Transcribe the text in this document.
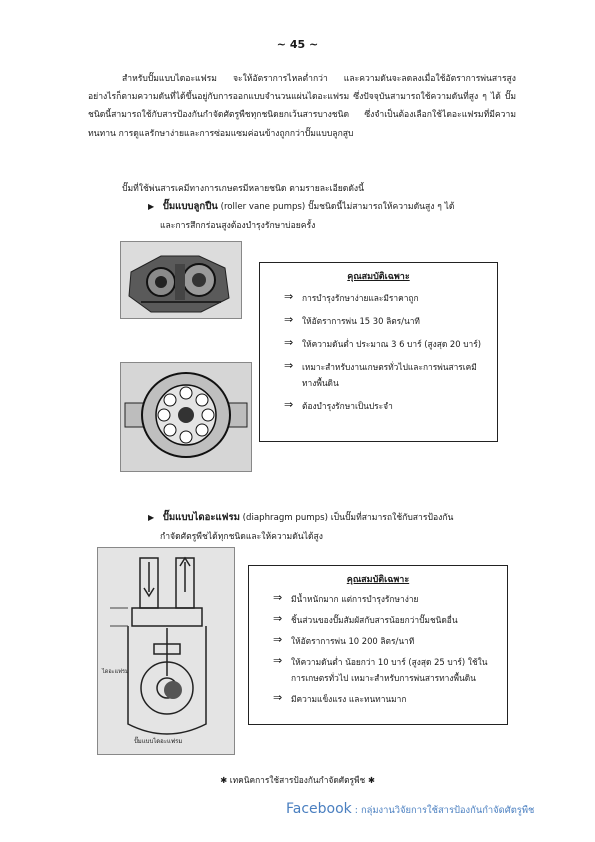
~ 45 ~
สำหรับปั๊มแบบไดอะแฟรม จะให้อัตราการไหลต่ำกว่า และความดันจะลดลงเมื่อใช้อัตราการพ่นสารสูง อย่างไรก็ตามความดันที่ได้ขึ้นอยู่กับการออกแบบจำนวนแผ่นไดอะแฟรม ซึ่งปัจจุบันสามารถใช้ความดันที่สูง ๆ ได้ ปั๊มชนิดนี้สามารถใช้กับสารป้องกันกำจัดศัตรูพืชทุกชนิดยกเว้นสารบางชนิด ซึ่งจำเป็นต้องเลือกใช้ไดอะแฟรมที่มีความทนทาน การดูแลรักษาง่ายและการซ่อมแซมค่อนข้างถูกกว่าปั๊มแบบลูกสูบ
ปั๊มที่ใช้พ่นสารเคมีทางการเกษตรมีหลายชนิด ตามรายละเอียดดังนี้
▶ ปั๊มแบบลูกปืน (roller vane pumps) ปั๊มชนิดนี้ไม่สามารถให้ความดันสูง ๆ ได้
และการสึกกร่อนสูงต้องบำรุงรักษาบ่อยครั้ง
คุณสมบัติเฉพาะ
⇒	การบำรุงรักษาง่ายและมีราคาถูก
⇒	ให้อัตราการพ่น 15 30 ลิตร/นาที
⇒	ให้ความดันต่ำ ประมาณ 3 6 บาร์ (สูงสุด 20 บาร์)
⇒	เหมาะสำหรับงานเกษตรทั่วไปและการพ่นสารเคมีทางพื้นดิน
⇒	ต้องบำรุงรักษาเป็นประจำ
▶ ปั๊มแบบไดอะแฟรม (diaphragm pumps) เป็นปั๊มที่สามารถใช้กับสารป้องกัน
กำจัดศัตรูพืชได้ทุกชนิดและให้ความดันได้สูง
ไดอะแฟรม
ปั๊มแบบไดอะแฟรม
คุณสมบัติเฉพาะ
⇒	มีน้ำหนักมาก แต่การบำรุงรักษาง่าย
⇒	ชิ้นส่วนของปั๊มสัมผัสกับสารน้อยกว่าปั๊มชนิดอื่น
⇒	ให้อัตราการพ่น 10 200 ลิตร/นาที
⇒	ให้ความดันต่ำ น้อยกว่า 10 บาร์ (สูงสุด 25 บาร์) ใช้ในการเกษตรทั่วไป เหมาะสำหรับการพ่นสารทางพื้นดิน
⇒	มีความแข็งแรง และทนทานมาก
✱ เทคนิคการใช้สารป้องกันกำจัดศัตรูพืช ✱
Facebook : กลุ่มงานวิจัยการใช้สารป้องกันกำจัดศัตรูพืช
